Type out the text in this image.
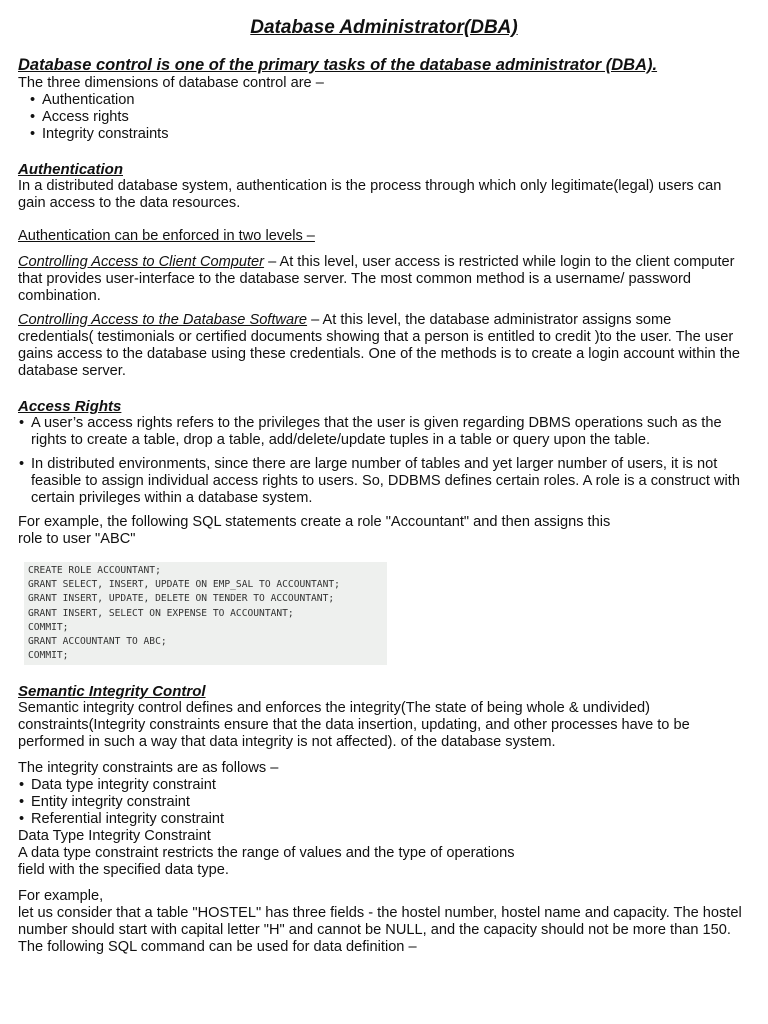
Database Administrator(DBA)
Database control is one of the primary tasks of the database administrator (DBA).

The three dimensions of database control are –

• Authentication
• Access rights
• Integrity constraints
Authentication

In a distributed database system, authentication is the process through which only legitimate(legal) users can gain access to the data resources.

Authentication can be enforced in two levels –

Controlling Access to Client Computer – At this level, user access is restricted while login to the client computer that provides user-interface to the database server. The most common method is a username/ password combination.

Controlling Access to the Database Software – At this level, the database administrator assigns some credentials( testimonials or certified documents showing that a person is entitled to credit )to the user. The user gains access to the database using these credentials. One of the methods is to create a login account within the database server.

Access Rights
• A user’s access rights refers to the privileges that the user is given regarding DBMS operations such as the rights to create a table, drop a table, add/delete/update tuples in a table or query upon the table.
• In distributed environments, since there are large number of tables and yet larger number of users, it is not feasible to assign individual access rights to users. So, DDBMS defines certain roles. A role is a construct with certain privileges within a database system.

For example, the following SQL statements create a role "Accountant" and then assigns this

role to user "ABC"

CREATE ROLE ACCOUNTANT;
GRANT SELECT, INSERT, UPDATE ON EMP_SAL TO ACCOUNTANT;
GRANT INSERT, UPDATE, DELETE ON TENDER TO ACCOUNTANT;
GRANT INSERT, SELECT ON EXPENSE TO ACCOUNTANT;
COMMIT;
GRANT ACCOUNTANT TO ABC;
COMMIT;
Semantic Integrity Control

Semantic integrity control defines and enforces the integrity(The state of being whole & undivided) constraints(Integrity constraints ensure that the data insertion, updating, and other processes have to be performed in such a way that data integrity is not affected). of the database system.

The integrity constraints are as follows –

• Data type integrity constraint
• Entity integrity constraint
• Referential integrity constraint

Data Type Integrity Constraint

A data type constraint restricts the range of values and the type of operations

field with the specified data type.

For example,

let us consider that a table "HOSTEL" has three fields - the hostel number, hostel name and capacity. The hostel number should start with capital letter "H" and cannot be NULL, and the capacity should not be more than 150.

The following SQL command can be used for data definition –
